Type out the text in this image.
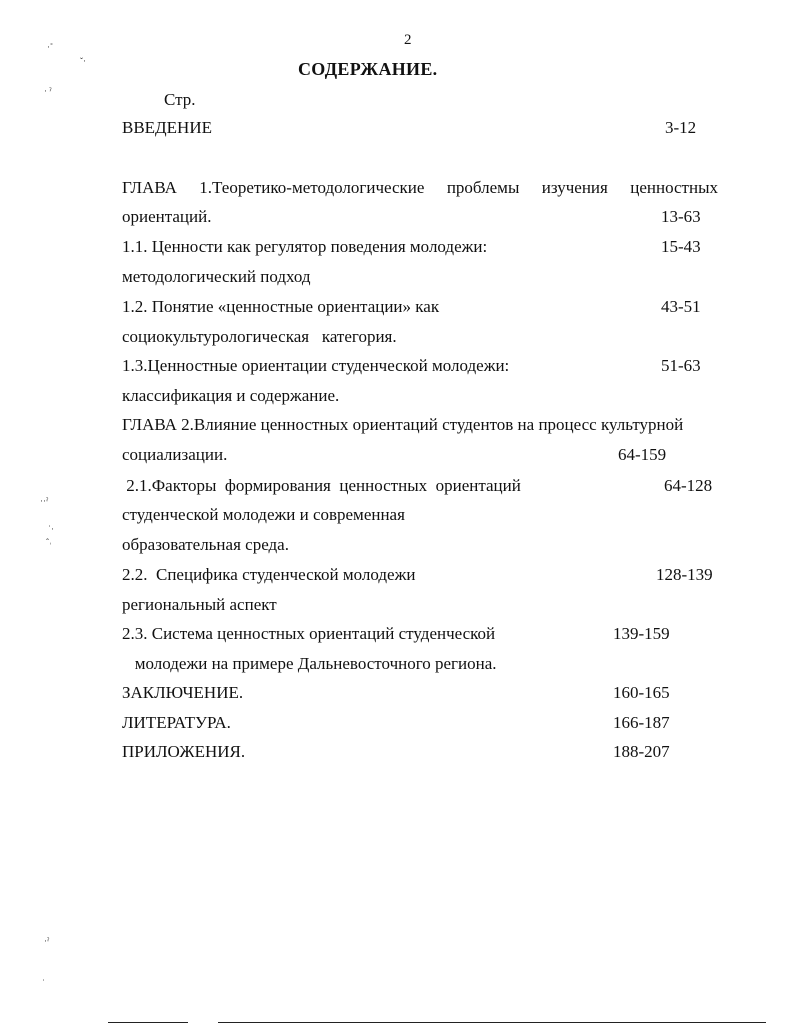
2
СОДЕРЖАНИЕ.
Стр.
ВВЕДЕНИЕ	3-12
ГЛАВА 1.Теоретико-методологические проблемы изучения ценностных
ориентаций.	13-63
1.1. Ценности как регулятор поведения молодежи:	15-43
методологический подход
1.2. Понятие «ценностные ориентации» как	43-51
социокультурологическая   категория.
1.3.Ценностные ориентации студенческой молодежи:	51-63
классификация и содержание.
ГЛАВА 2.Влияние ценностных ориентаций студентов на процесс культурной
социализации.	64-159
2.1.Факторы  формирования  ценностных  ориентаций	64-128
студенческой молодежи и современная
образовательная среда.
2.2.  Специфика студенческой молодежи	128-139
региональный аспект
2.3. Система ценностных ориентаций студенческой	139-159
молодежи на примере Дальневосточного региона.
ЗАКЛЮЧЕНИЕ.	160-165
ЛИТЕРАТУРА.	166-187
ПРИЛОЖЕНИЯ.	188-207
·˚
ˇ·
· ˀ
··ˀ
˙·
ˆ˒
·ˀ
˙
